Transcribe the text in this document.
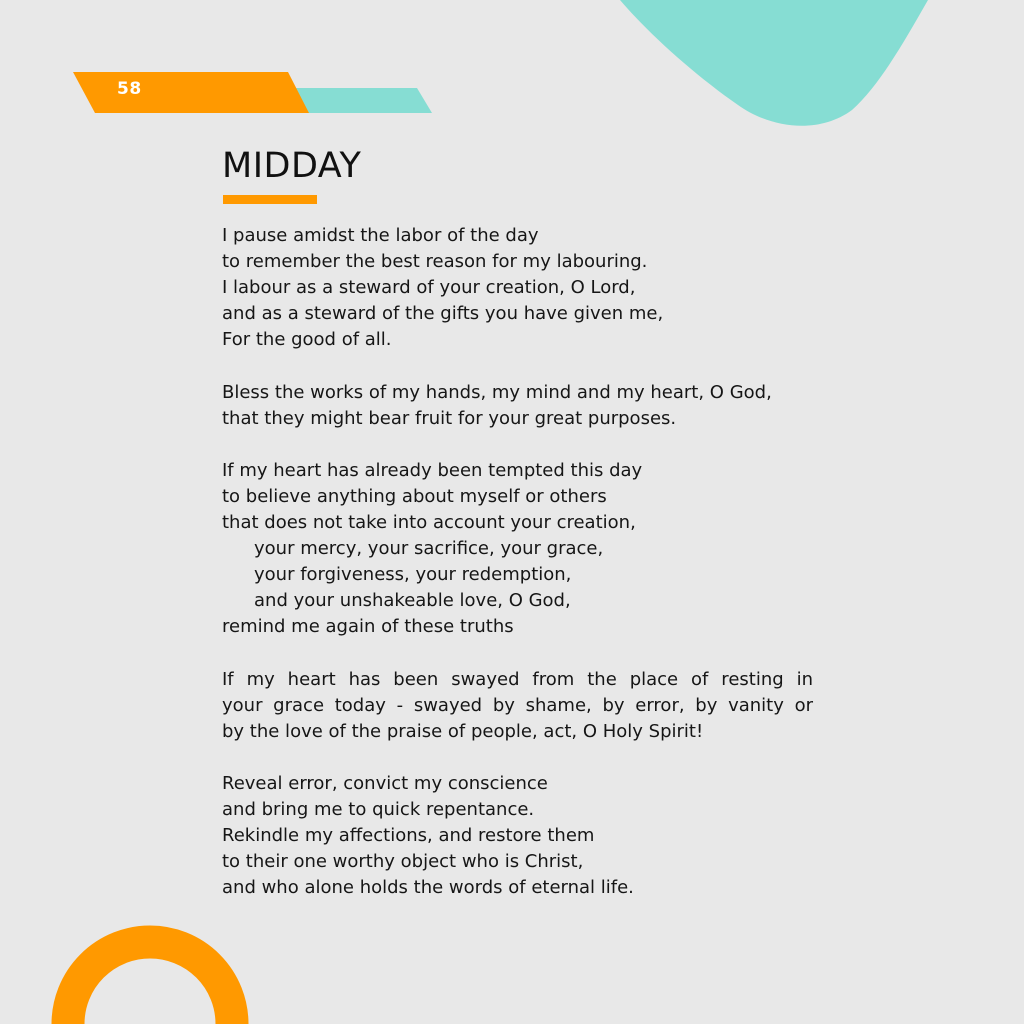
58
MIDDAY

I pause amidst the labor of the day
to remember the best reason for my labouring.
I labour as a steward of your creation, O Lord,
and as a steward of the gifts you have given me,
For the good of all.

Bless the works of my hands, my mind and my heart, O God,
that they might bear fruit for your great purposes.

If my heart has already been tempted this day
to believe anything about myself or others
that does not take into account your creation,
your mercy, your sacrifice, your grace,
your forgiveness, your redemption,
and your unshakeable love, O God,
remind me again of these truths

If my heart has been swayed from the place of resting in
your grace today - swayed by shame, by error, by vanity or
by the love of the praise of people, act, O Holy Spirit!

Reveal error, convict my conscience
and bring me to quick repentance.
Rekindle my affections, and restore them
to their one worthy object who is Christ,
and who alone holds the words of eternal life.
